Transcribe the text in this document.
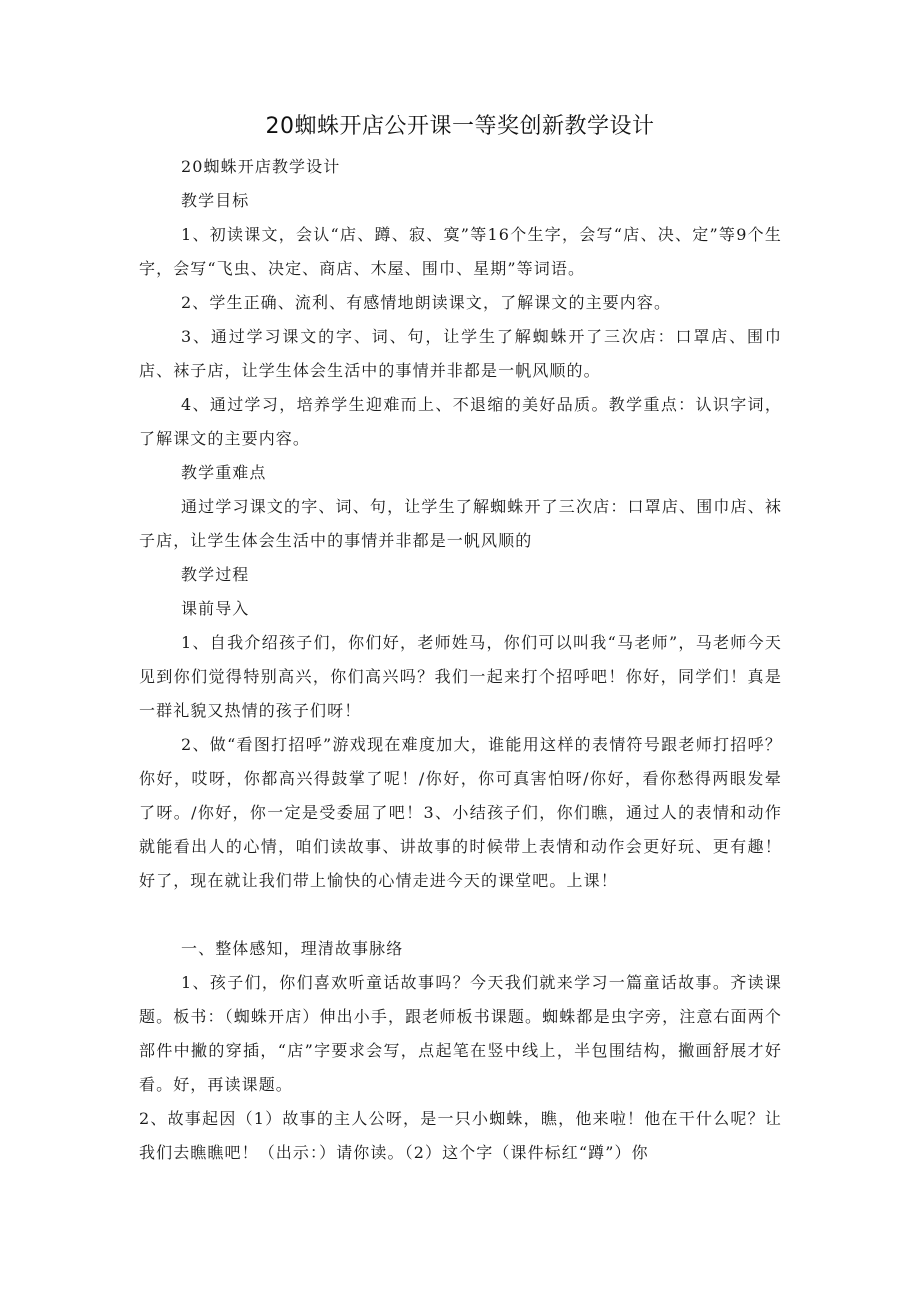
20蜘蛛开店公开课一等奖创新教学设计

20蜘蛛开店教学设计

教学目标

1、初读课文，会认“店、蹲、寂、寞”等16个生字，会写“店、决、定”等9个生字，会写“飞虫、决定、商店、木屋、围巾、星期”等词语。

2、学生正确、流利、有感情地朗读课文，了解课文的主要内容。

3、通过学习课文的字、词、句，让学生了解蜘蛛开了三次店：口罩店、围巾店、袜子店，让学生体会生活中的事情并非都是一帆风顺的。

4、通过学习，培养学生迎难而上、不退缩的美好品质。教学重点：认识字词，了解课文的主要内容。

教学重难点

通过学习课文的字、词、句，让学生了解蜘蛛开了三次店：口罩店、围巾店、袜子店，让学生体会生活中的事情并非都是一帆风顺的

教学过程

课前导入

1、自我介绍孩子们，你们好，老师姓马，你们可以叫我“马老师”，马老师今天见到你们觉得特别高兴，你们高兴吗？我们一起来打个招呼吧！你好，同学们！真是一群礼貌又热情的孩子们呀！

2、做“看图打招呼”游戏现在难度加大，谁能用这样的表情符号跟老师打招呼？你好，哎呀，你都高兴得鼓掌了呢！/你好，你可真害怕呀/你好，看你愁得两眼发晕了呀。/你好，你一定是受委屈了吧！3、小结孩子们，你们瞧，通过人的表情和动作就能看出人的心情，咱们读故事、讲故事的时候带上表情和动作会更好玩、更有趣！好了，现在就让我们带上愉快的心情走进今天的课堂吧。上课！

一、整体感知，理清故事脉络

1、孩子们，你们喜欢听童话故事吗？今天我们就来学习一篇童话故事。齐读课题。板书：（蜘蛛开店）伸出小手，跟老师板书课题。蜘蛛都是虫字旁，注意右面两个部件中撇的穿插，“店”字要求会写，点起笔在竖中线上，半包围结构，撇画舒展才好看。好，再读课题。

2、故事起因（1）故事的主人公呀，是一只小蜘蛛，瞧，他来啦！他在干什么呢？让我们去瞧瞧吧！（出示：）请你读。（2）这个字（课件标红“蹲”）你
